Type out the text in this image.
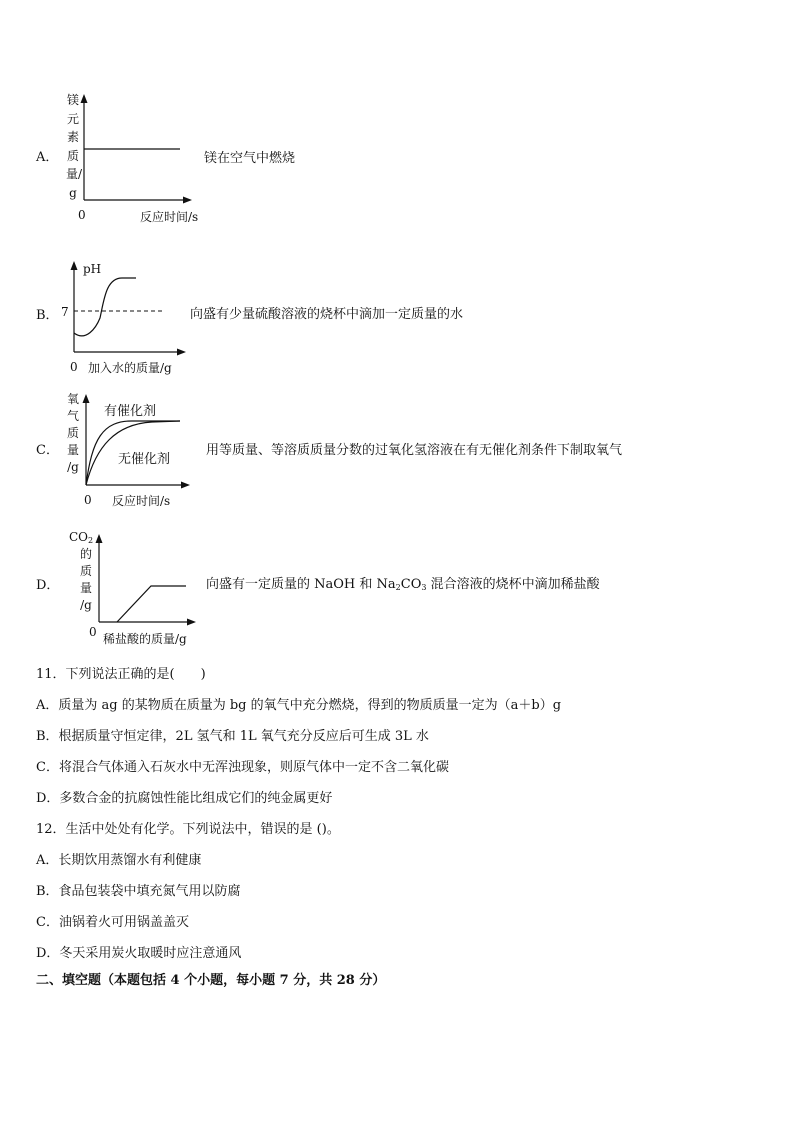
A．
镁
元
素
质
量/
g
0	反应时间/s
镁在空气中燃烧
B．
pH
7
0 加入水的质量/g
向盛有少量硫酸溶液的烧杯中滴加一定质量的水
C．
氧
气
质
量
/g
有催化剂
无催化剂
0 反应时间/s
用等质量、等溶质质量分数的过氧化氢溶液在有无催化剂条件下制取氧气
D．
$CO_2$
的
质
量
/g
0 稀盐酸的质量/g
向盛有一定质量的 NaOH 和 $Na_2CO_3$ 混合溶液的烧杯中滴加稀盐酸
11．下列说法正确的是(　　)
A．质量为 ag 的某物质在质量为 bg 的氧气中充分燃烧，得到的物质质量一定为（a＋b）g
B．根据质量守恒定律，2L 氢气和 1L 氧气充分反应后可生成 3L 水
C．将混合气体通入石灰水中无浑浊现象，则原气体中一定不含二氧化碳
D．多数合金的抗腐蚀性能比组成它们的纯金属更好
12．生活中处处有化学。下列说法中，错误的是 ()。
A．长期饮用蒸馏水有利健康
B．食品包装袋中填充氮气用以防腐
C．油锅着火可用锅盖盖灭
D．冬天采用炭火取暖时应注意通风
二、填空题（本题包括 4 个小题，每小题 7 分，共 28 分）
